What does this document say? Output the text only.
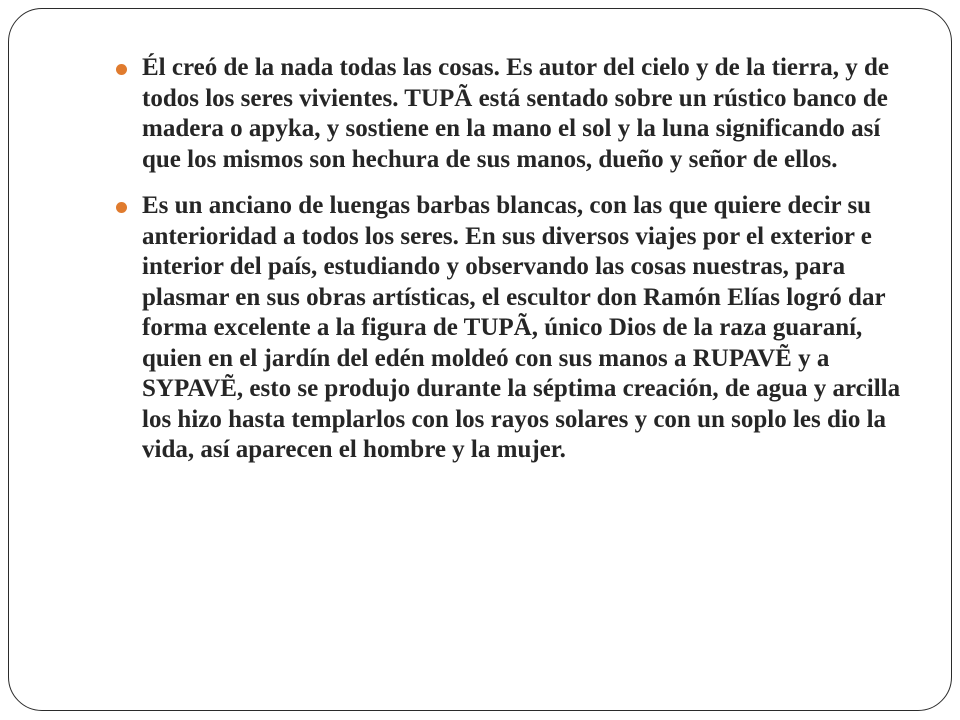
Él creó de la nada todas las cosas. Es autor del cielo y de la tierra, y de todos los seres vivientes. TUPÃ está sentado sobre un rústico banco de madera o apyka, y sostiene en la mano el sol y la luna significando así que los mismos son hechura de sus manos, dueño y señor de ellos.
Es un anciano de luengas barbas blancas, con las que quiere decir su anterioridad a todos los seres. En sus diversos viajes por el exterior e interior del país, estudiando y observando las cosas nuestras, para plasmar en sus obras artísticas, el escultor don Ramón Elías logró dar forma excelente a la figura de TUPÃ, único Dios de la raza guaraní, quien en el jardín del edén moldeó con sus manos a RUPAVẼ y a SYPAVẼ, esto se produjo durante la séptima creación, de agua y arcilla los hizo hasta templarlos con los rayos solares y con un soplo les dio la vida, así aparecen el hombre y la mujer.
